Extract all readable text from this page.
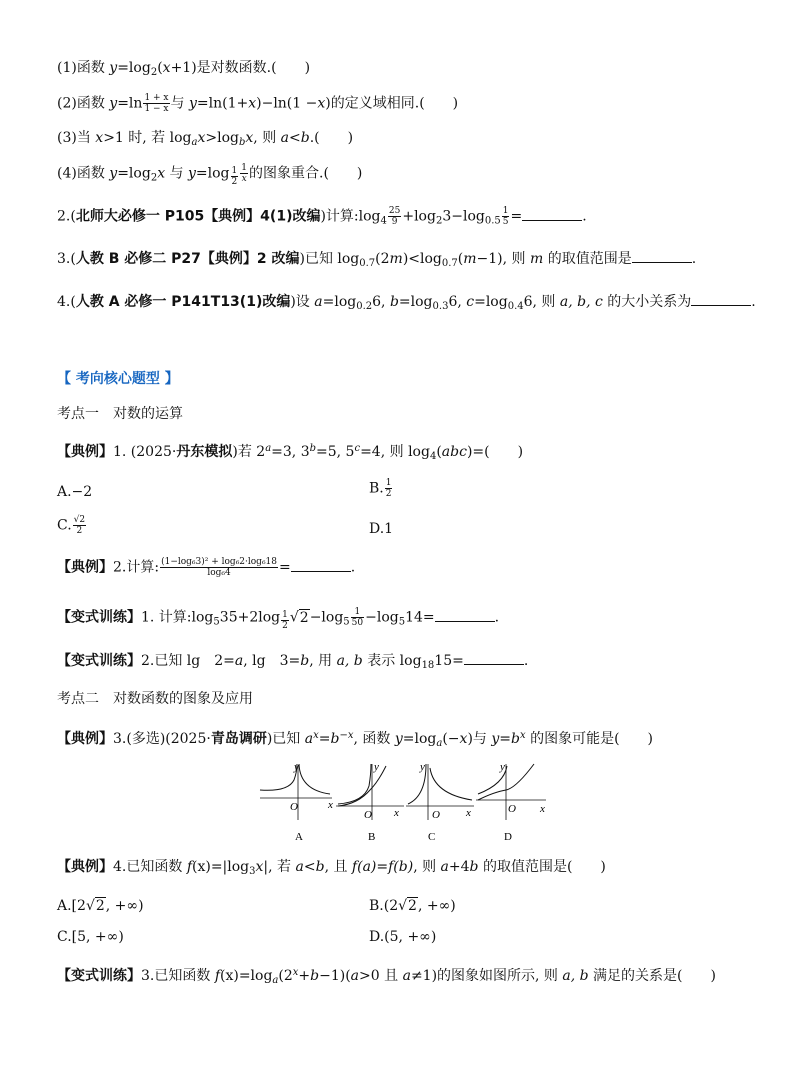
(1)函数 $y=\log_2(x+1)$是对数函数.(　　)
(2)函数 $y=\ln \frac{1 + x}{1 - x}$ 与 y=ln(1+x)−ln(1 −x)的定义域相同.(　　)
(3)当 x>1 时, 若 $\log_ax>\log_bx$, 则 a<b.(　　)
(4)函数 $y=\log_2x$ 与 $y=\log \frac{1}{2} \frac{1}{x}$ 的图象重合.(　　)
2.(北师大必修一 P105【典例】4(1)改编)计算$:\log_4 \frac{25}{9} +\log_23-\log_{0.5} \frac{1}{5}$ =	.
3.(人教 B 必修二 P27【典例】2 改编)已知 $\log_{0.7}(2m)<\log_{0.7}(m-1)$, 则 m 的取值范围是	.
4.(人教 A 必修一 P141T13(1)改编)设 $a=\log_{0.2}6$, $b=\log_{0.3}6$, $c=\log_{0.4}6$, 则 a, b, c 的大小关系为	.
【 考向核心题型 】
考点一　对数的运算
【典例】1. (2025·丹东模拟)若 $2^a=3$, $3^b=5$, $5^c=4$, 则 $\log_4(abc)=$(　　)
A.−2	B. $\frac{1}{2}$
C. $\frac{√2}{2}$	D.1
【典例】2.计算: $\frac{\text{(1−log₆3)² + log₆2·log₆18}}{\text{log₆4}}$ =	.
【变式训练】1. 计算$:\log_535+2\log \frac{1}{2} √2-\log_5 \frac{1}{50} -\log_514=$	.
【变式训练】2.已知 lg　2=a, lg　3=b, 用 a, b 表示 $\log_{18}15=$	.
考点二　对数函数的图象及应用
【典例】3.(多选)(2025·青岛调研)已知 $a^x=b^{-x}$, 函数 $y=\log_a(-x)$与 $y=b^x$ 的图象可能是(　　)
y
x
O
A
y
x
O
B
y
x
O
C
y
x
O
D
【典例】4.已知函数 $f(x)=|\log_3x|$, 若 a<b, 且 f(a)=f(b), 则 a+4b 的取值范围是(　　)
A.[2√2, +∞)	B.(2√2, +∞)
C.[5, +∞)	D.(5, +∞)
【变式训练】3.已知函数 $f(x)=\log_a(2^x+b-1)(a>0$ 且 a≠1)的图象如图所示, 则 a, b 满足的关系是(　　)
